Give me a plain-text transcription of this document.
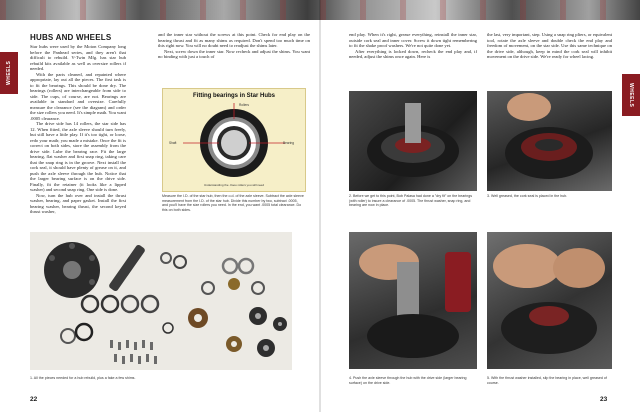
WHEELS
HUBS AND WHEELS

Star hubs were used by the Moton Company long before the Panhead series, and they aren't that difficult to rebuild. V-Twin Mfg. has star hub rebuild kits available as well as oversize rollers if needed.

With the parts cleaned, and repainted where appropriate, lay out all the pieces. The first task is to fit the bearings. This should be done dry. The bearings (rollers) are interchangeable from side to side. The cups, of course, are not. Bearings are available in standard and oversize. Carefully measure the clearance (see the diagram) and order the size rollers you need. It's simple math. You want .0005 clearance.

The drive side has 14 rollers, the star side has 12. When fitted, the axle sleeve should turn freely, but still have a little play. If it's too tight, or loose, redo your math; you made a mistake. Once the fit is correct on both sides, store the assembly from the drive side. Lube the bearing race. Fit the large bearing, flat washer and first snap ring, taking care that the snap ring is in the groove. Next install the cork seal, it should have plenty of grease on it, and push the axle sleeve through the hub. Notice that the larger bearing surface is on the drive side. Finally, fit the retainer (it looks like a lipped washer) and second snap ring. One side is done.

Now, turn the hub over and install the thrust washer, bearing, and paper gasket. Install the first bearing washer, bearing thrust, the second keyed thrust washer,

and the inner star without the screws at this point. Check for end play on the bearing thrust and fit as many shims as required. Don't spend too much time on this right now. You will no doubt need to readjust the shims later.

Next, screw down the inner star. Now recheck and adjust the shims. You want no binding with just a touch of

Fitting bearings in Star Hubs
Shaft	Bearing
Rollers
Understanding the .0ooo rollers you will need
Measure the I.D. of the star hub, then the o.d. of the axle sleeve. Subtract the axle sleeve measurement from the I.D. of the star hub. Divide this number by two, subtract .0005, and you'll have the size rollers you need. In the end, you want .0005 total clearance. Do this on both sides.
1. All the pieces needed for a hub rebuild, plus a fake a few shims.
22
WHEELS

end play. When it's right, grease everything, reinstall the inner star, outside cork seal and inner cover. Screw it down tight remembering to fit the shake proof washers. We're not quite done yet.

After everything is locked down, recheck the end play and, if needed, adjust the shims once again. Here is

the last, very important, step. Using a snap ring pliers, or equivalent tool, rotate the axle sleeve and double check the end play and freedom of movement, on the star side. Use this same technique on the drive side, although, keep in mind the cork seal will inhibit movement on the drive side. We're ready for wheel lacing.

2. Before we get to this point, Bob Palasa had done a "dry fit" on the bearings (with roller) to insure a clearance of .0005. The thrust washer, snap ring, and bearing are now in place.
3. Well greased, the cork seal is placed in the hub.
4. Push the axle sleeve through the hub with the drive side (larger bearing surface) on the drive side.
5. With the thrust washer installed, slip the bearing in place, well greased of course.
23
